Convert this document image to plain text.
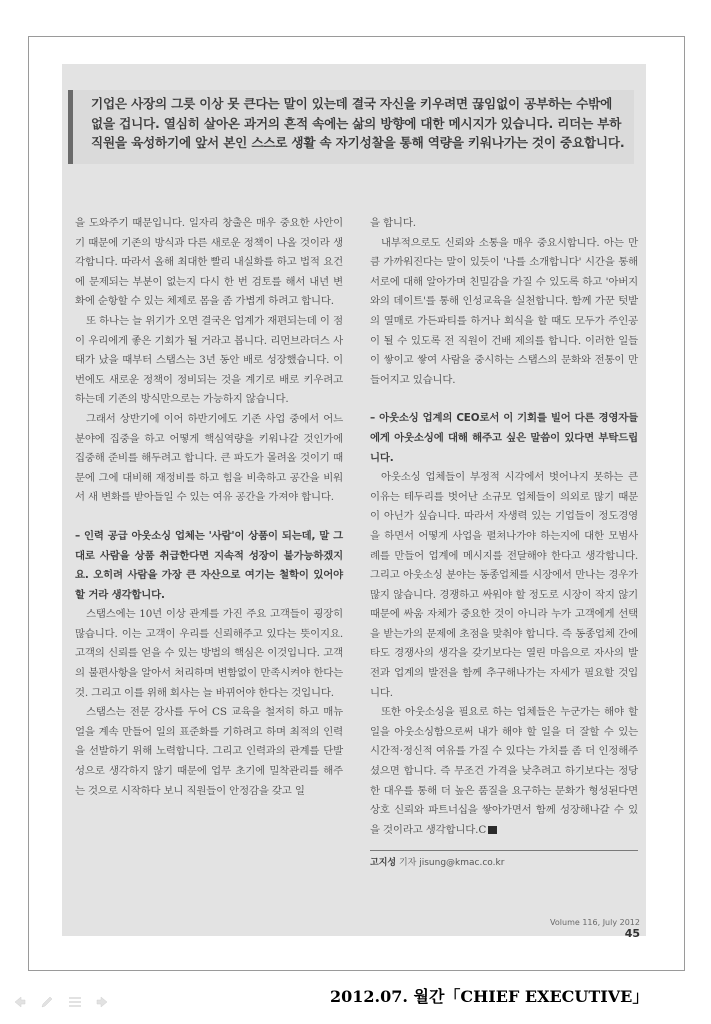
기업은 사장의 그릇 이상 못 큰다는 말이 있는데 결국 자신을 키우려면 끊임없이 공부하는 수밖에 없을 겁니다. 열심히 살아온 과거의 흔적 속에는 삶의 방향에 대한 메시지가 있습니다. 리더는 부하 직원을 육성하기에 앞서 본인 스스로 생활 속 자기성찰을 통해 역량을 키워나가는 것이 중요합니다.

을 도와주기 때문입니다. 일자리 창출은 매우 중요한 사안이기 때문에 기존의 방식과 다른 새로운 정책이 나올 것이라 생각합니다. 따라서 올해 최대한 빨리 내실화를 하고 법적 요건에 문제되는 부분이 없는지 다시 한 번 검토를 해서 내년 변화에 순항할 수 있는 체제로 몸을 좀 가볍게 하려고 합니다.

또 하나는 늘 위기가 오면 결국은 업계가 재편되는데 이 점이 우리에게 좋은 기회가 될 거라고 봅니다. 리먼브라더스 사태가 났을 때부터 스탭스는 3년 동안 배로 성장했습니다. 이번에도 새로운 정책이 정비되는 것을 계기로 배로 키우려고 하는데 기존의 방식만으로는 가능하지 않습니다.

그래서 상반기에 이어 하반기에도 기존 사업 중에서 어느 분야에 집중을 하고 어떻게 핵심역량을 키워나갈 것인가에 집중해 준비를 해두려고 합니다. 큰 파도가 몰려올 것이기 때문에 그에 대비해 재정비를 하고 힘을 비축하고 공간을 비워서 새 변화를 받아들일 수 있는 여유 공간을 가져야 합니다.

– 인력 공급 아웃소싱 업체는 '사람'이 상품이 되는데, 말 그대로 사람을 상품 취급한다면 지속적 성장이 불가능하겠지요. 오히려 사람을 가장 큰 자산으로 여기는 철학이 있어야 할 거라 생각합니다.

스탭스에는 10년 이상 관계를 가진 주요 고객들이 굉장히 많습니다. 이는 고객이 우리를 신뢰해주고 있다는 뜻이지요. 고객의 신뢰를 얻을 수 있는 방법의 핵심은 이것입니다. 고객의 불편사항을 알아서 처리하며 변함없이 만족시켜야 한다는 것. 그리고 이를 위해 회사는 늘 바뀌어야 한다는 것입니다.

스탭스는 전문 강사를 두어 CS 교육을 철저히 하고 매뉴얼을 계속 만들어 일의 표준화를 기하려고 하며 최적의 인력을 선발하기 위해 노력합니다. 그리고 인력과의 관계를 단발성으로 생각하지 않기 때문에 업무 초기에 밀착관리를 해주는 것으로 시작하다 보니 직원들이 안정감을 갖고 일

을 합니다.

내부적으로도 신뢰와 소통을 매우 중요시합니다. 아는 만큼 가까워진다는 말이 있듯이 '나를 소개합니다' 시간을 통해 서로에 대해 알아가며 친밀감을 가질 수 있도록 하고 '아버지와의 데이트'를 통해 인성교육을 실천합니다. 함께 가꾼 텃밭의 열매로 가든파티를 하거나 회식을 할 때도 모두가 주인공이 될 수 있도록 전 직원이 건배 제의를 합니다. 이러한 일들이 쌓이고 쌓여 사람을 중시하는 스탭스의 문화와 전통이 만들어지고 있습니다.

– 아웃소싱 업계의 CEO로서 이 기회를 빌어 다른 경영자들에게 아웃소싱에 대해 해주고 싶은 말씀이 있다면 부탁드립니다.

아웃소싱 업체들이 부정적 시각에서 벗어나지 못하는 큰 이유는 테두리를 벗어난 소규모 업체들이 의외로 많기 때문이 아닌가 싶습니다. 따라서 자생력 있는 기업들이 정도경영을 하면서 어떻게 사업을 펼쳐나가야 하는지에 대한 모범사례를 만들어 업계에 메시지를 전달해야 한다고 생각합니다. 그리고 아웃소싱 분야는 동종업체를 시장에서 만나는 경우가 많지 않습니다. 경쟁하고 싸워야 할 정도로 시장이 작지 않기 때문에 싸움 자체가 중요한 것이 아니라 누가 고객에게 선택을 받는가의 문제에 초점을 맞춰야 합니다. 즉 동종업체 간에 타도 경쟁사의 생각을 갖기보다는 열린 마음으로 자사의 발전과 업계의 발전을 함께 추구해나가는 자세가 필요할 것입니다.

또한 아웃소싱을 필요로 하는 업체들은 누군가는 해야 할 일을 아웃소싱함으로써 내가 해야 할 일을 더 잘할 수 있는 시간적·정신적 여유를 가질 수 있다는 가치를 좀 더 인정해주셨으면 합니다. 즉 무조건 가격을 낮추려고 하기보다는 정당한 대우를 통해 더 높은 품질을 요구하는 문화가 형성된다면 상호 신뢰와 파트너십을 쌓아가면서 함께 성장해나갈 수 있을 것이라고 생각합니다.C

고지성 기자 jisung@kmac.co.kr
Volume 116, July 2012 45
2012.07. 월간「CHIEF EXECUTIVE」
